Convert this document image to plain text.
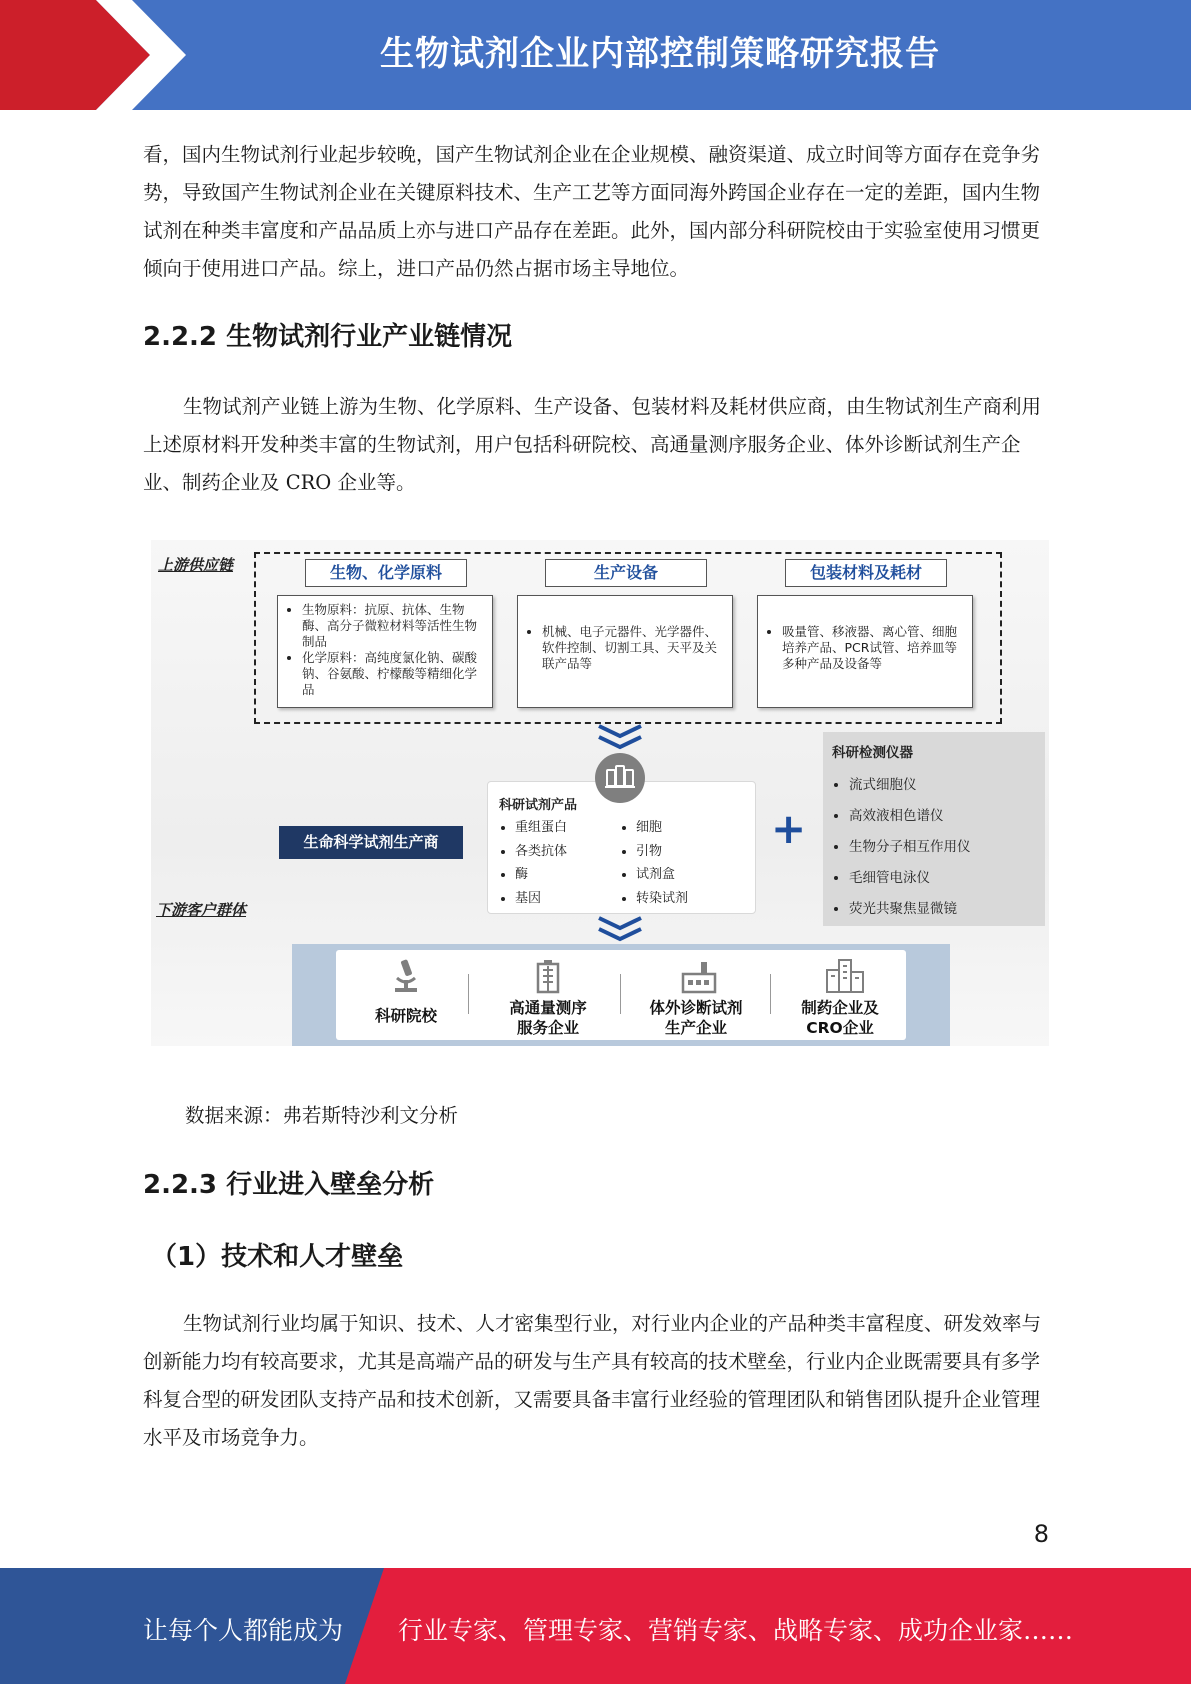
生物试剂企业内部控制策略研究报告

看，国内生物试剂行业起步较晚，国产生物试剂企业在企业规模、融资渠道、成立时间等方面存在竞争劣势，导致国产生物试剂企业在关键原料技术、生产工艺等方面同海外跨国企业存在一定的差距，国内生物试剂在种类丰富度和产品品质上亦与进口产品存在差距。此外，国内部分科研院校由于实验室使用习惯更倾向于使用进口产品。综上，进口产品仍然占据市场主导地位。

2.2.2 生物试剂行业产业链情况

生物试剂产业链上游为生物、化学原料、生产设备、包装材料及耗材供应商，由生物试剂生产商利用上述原材料开发种类丰富的生物试剂，用户包括科研院校、高通量测序服务企业、体外诊断试剂生产企业、制药企业及 CRO 企业等。

上游供应链	生物、化学原料	生产设备	包装材料及耗材
• 生物原料：抗原、抗体、生物酶、高分子微粒材料等活性生物制品
• 化学原料：高纯度氯化钠、碳酸钠、谷氨酸、柠檬酸等精细化学品
• 机械、电子元器件、光学器件、软件控制、切割工具、天平及关联产品等
• 吸量管、移液器、离心管、细胞培养产品、PCR试管、培养皿等多种产品及设备等
科研试剂产品
• 重组蛋白
• 各类抗体
• 酶
• 基因
• 细胞
• 引物
• 试剂盒
• 转染试剂
生命科学试剂生产商	+
科研检测仪器
• 流式细胞仪
• 高效液相色谱仪
• 生物分子相互作用仪
• 毛细管电泳仪
• 荧光共聚焦显微镜
下游客户群体
科研院校	高通量测序
服务企业
体外诊断试剂
生产企业
制药企业及
CRO企业
数据来源：弗若斯特沙利文分析
2.2.3 行业进入壁垒分析
（1）技术和人才壁垒

生物试剂行业均属于知识、技术、人才密集型行业，对行业内企业的产品种类丰富程度、研发效率与创新能力均有较高要求，尤其是高端产品的研发与生产具有较高的技术壁垒，行业内企业既需要具有多学科复合型的研发团队支持产品和技术创新，又需要具备丰富行业经验的管理团队和销售团队提升企业管理水平及市场竞争力。

8
让每个人都能成为 行业专家、管理专家、营销专家、战略专家、成功企业家……
